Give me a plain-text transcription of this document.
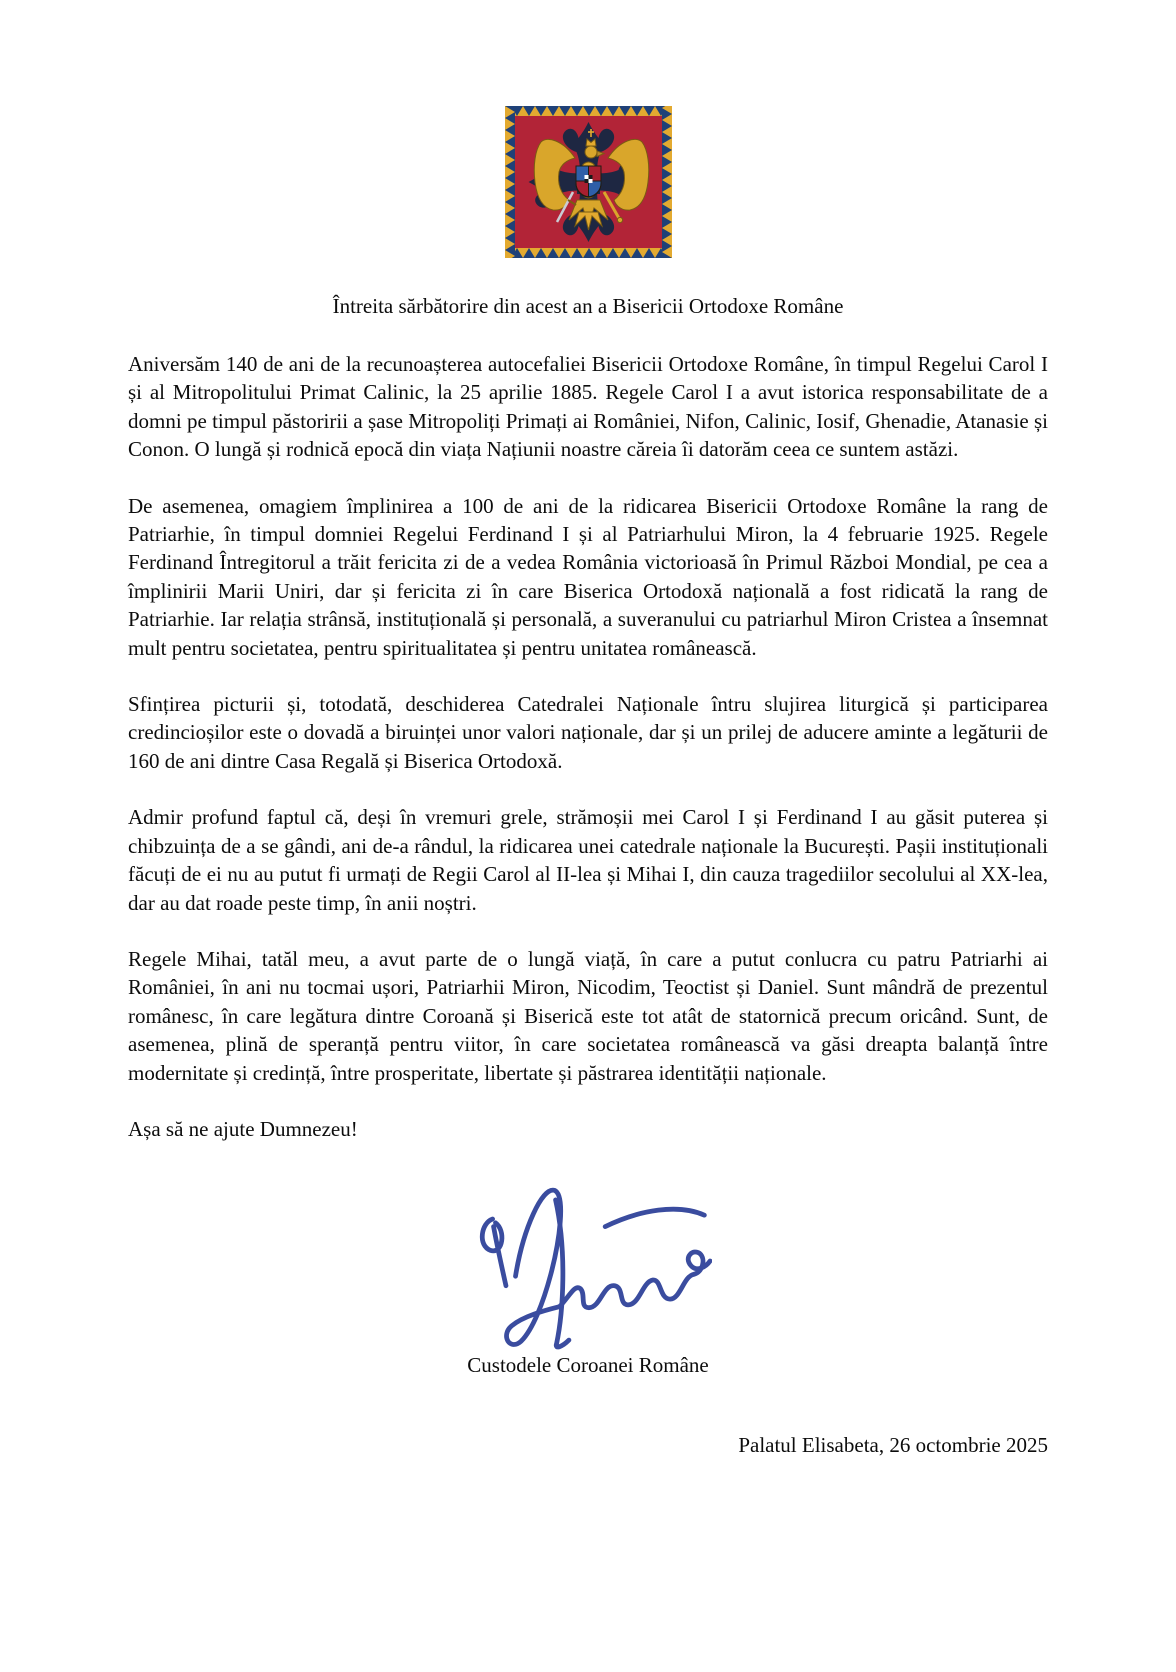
Întreita sărbătorire din acest an a Bisericii Ortodoxe Române

Aniversăm 140 de ani de la recunoașterea autocefaliei Bisericii Ortodoxe Române, în timpul Regelui Carol I și al Mitropolitului Primat Calinic, la 25 aprilie 1885. Regele Carol I a avut istorica responsabilitate de a domni pe timpul păstoririi a șase Mitropoliți Primați ai României, Nifon, Calinic, Iosif, Ghenadie, Atanasie și Conon. O lungă și rodnică epocă din viața Națiunii noastre căreia îi datorăm ceea ce suntem astăzi.

De asemenea, omagiem împlinirea a 100 de ani de la ridicarea Bisericii Ortodoxe Române la rang de Patriarhie, în timpul domniei Regelui Ferdinand I și al Patriarhului Miron, la 4 februarie 1925. Regele Ferdinand Întregitorul a trăit fericita zi de a vedea România victorioasă în Primul Război Mondial, pe cea a împlinirii Marii Uniri, dar și fericita zi în care Biserica Ortodoxă națională a fost ridicată la rang de Patriarhie. Iar relația strânsă, instituțională și personală, a suveranului cu patriarhul Miron Cristea a însemnat mult pentru societatea, pentru spiritualitatea și pentru unitatea românească.

Sfințirea picturii și, totodată, deschiderea Catedralei Naționale întru slujirea liturgică și participarea credincioșilor este o dovadă a biruinței unor valori naționale, dar și un prilej de aducere aminte a legăturii de 160 de ani dintre Casa Regală și Biserica Ortodoxă.

Admir profund faptul că, deși în vremuri grele, strămoșii mei Carol I și Ferdinand I au găsit puterea și chibzuința de a se gândi, ani de-a rândul, la ridicarea unei catedrale naționale la București. Pașii instituționali făcuți de ei nu au putut fi urmați de Regii Carol al II-lea și Mihai I, din cauza tragediilor secolului al XX-lea, dar au dat roade peste timp, în anii noștri.

Regele Mihai, tatăl meu, a avut parte de o lungă viață, în care a putut conlucra cu patru Patriarhi ai României, în ani nu tocmai ușori, Patriarhii Miron, Nicodim, Teoctist și Daniel. Sunt mândră de prezentul românesc, în care legătura dintre Coroană și Biserică este tot atât de statornică precum oricând. Sunt, de asemenea, plină de speranță pentru viitor, în care societatea românească va găsi dreapta balanță între modernitate și credință, între prosperitate, libertate și păstrarea identității naționale.

Așa să ne ajute Dumnezeu!

Custodele Coroanei Române

Palatul Elisabeta, 26 octombrie 2025
